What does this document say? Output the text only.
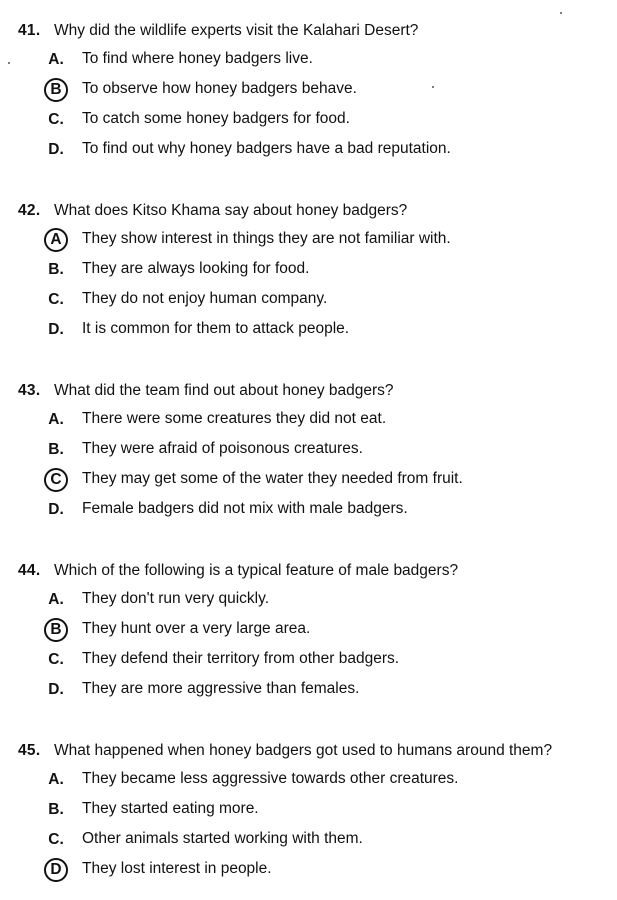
41. Why did the wildlife experts visit the Kalahari Desert?
A. To find where honey badgers live.
B	To observe how honey badgers behave.
C. To catch some honey badgers for food.
D. To find out why honey badgers have a bad reputation.
42. What does Kitso Khama say about honey badgers?
A	They show interest in things they are not familiar with.
B. They are always looking for food.
C. They do not enjoy human company.
D. It is common for them to attack people.
43. What did the team find out about honey badgers?
A. There were some creatures they did not eat.
B. They were afraid of poisonous creatures.
C	They may get some of the water they needed from fruit.
D. Female badgers did not mix with male badgers.
44. Which of the following is a typical feature of male badgers?
A. They don't run very quickly.
B	They hunt over a very large area.
C. They defend their territory from other badgers.
D. They are more aggressive than females.
45. What happened when honey badgers got used to humans around them?
A. They became less aggressive towards other creatures.
B. They started eating more.
C. Other animals started working with them.
D	They lost interest in people.
